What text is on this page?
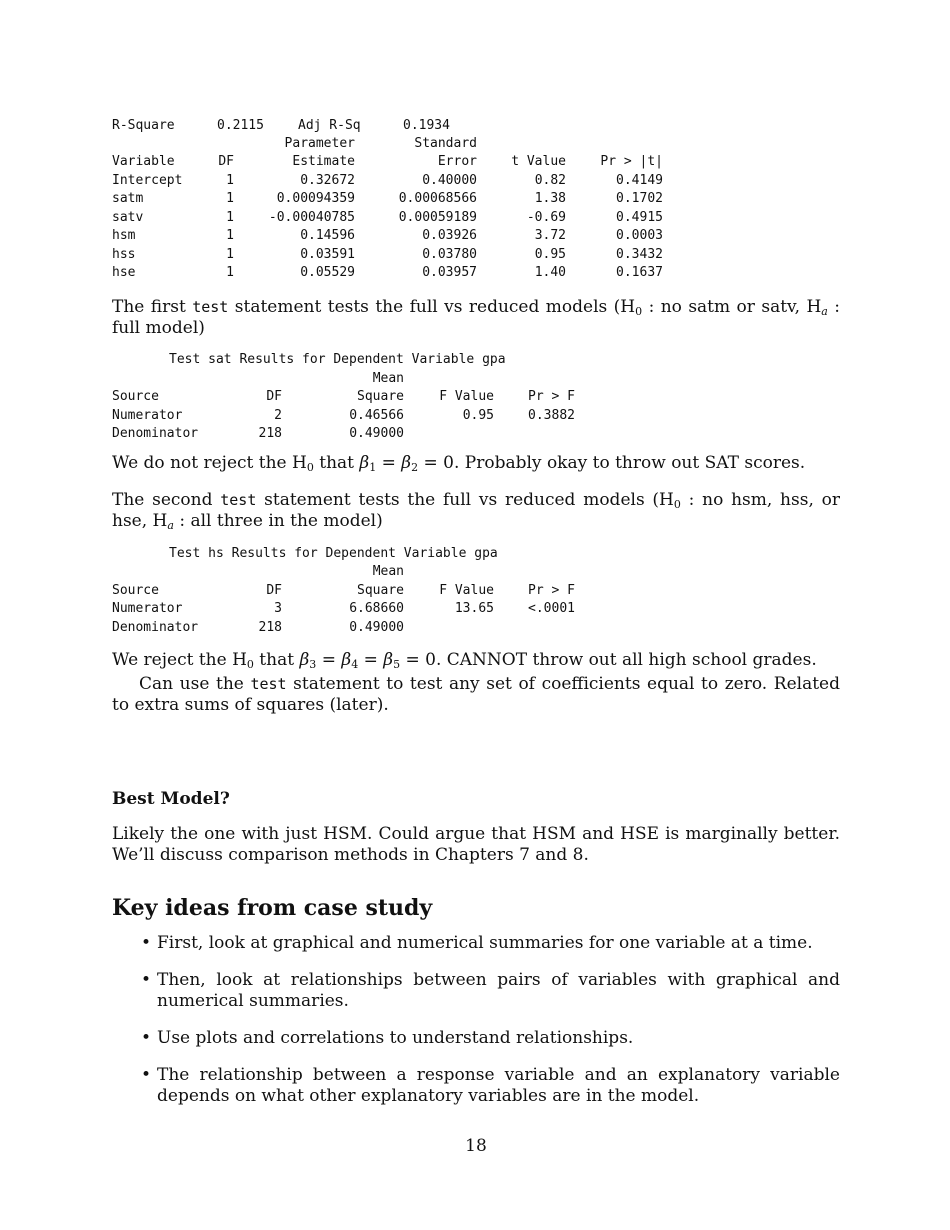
R-Square	0.2115	Adj R-Sq	0.1934
Parameter	Standard
Variable	DF	Estimate	Error	t Value	Pr > |t|
Intercept	1	0.32672	0.40000	0.82	0.4149
satm	1	0.00094359	0.00068566	1.38	0.1702
satv	1	-0.00040785	0.00059189	-0.69	0.4915
hsm	1	0.14596	0.03926	3.72	0.0003
hss	1	0.03591	0.03780	0.95	0.3432
hse	1	0.05529	0.03957	1.40	0.1637

The first test statement tests the full vs reduced models ($H_0$ : no satm or satv, $H_a$ : full model)

Test sat Results for Dependent Variable gpa
Mean
Source	DF	Square	F Value	Pr > F
Numerator	2	0.46566	0.95	0.3882
Denominator	218	0.49000

We do not reject the $H_0$ that $\beta_1 = \beta_2 = 0$. Probably okay to throw out SAT scores.

The second test statement tests the full vs reduced models ($H_0$ : no hsm, hss, or hse, $H_a$ : all three in the model)

Test hs Results for Dependent Variable gpa
Mean
Source	DF	Square	F Value	Pr > F
Numerator	3	6.68660	13.65	<.0001
Denominator	218	0.49000

We reject the $H_0$ that $\beta_3 = \beta_4 = \beta_5 = 0$. CANNOT throw out all high school grades.

Can use the test statement to test any set of coefficients equal to zero. Related to extra sums of squares (later).

Best Model?

Likely the one with just HSM. Could argue that HSM and HSE is marginally better. We’ll discuss comparison methods in Chapters 7 and 8.

Key ideas from case study
• First, look at graphical and numerical summaries for one variable at a time.
• Then, look at relationships between pairs of variables with graphical and numerical summaries.
• Use plots and correlations to understand relationships.
• The relationship between a response variable and an explanatory variable depends on what other explanatory variables are in the model.
18
